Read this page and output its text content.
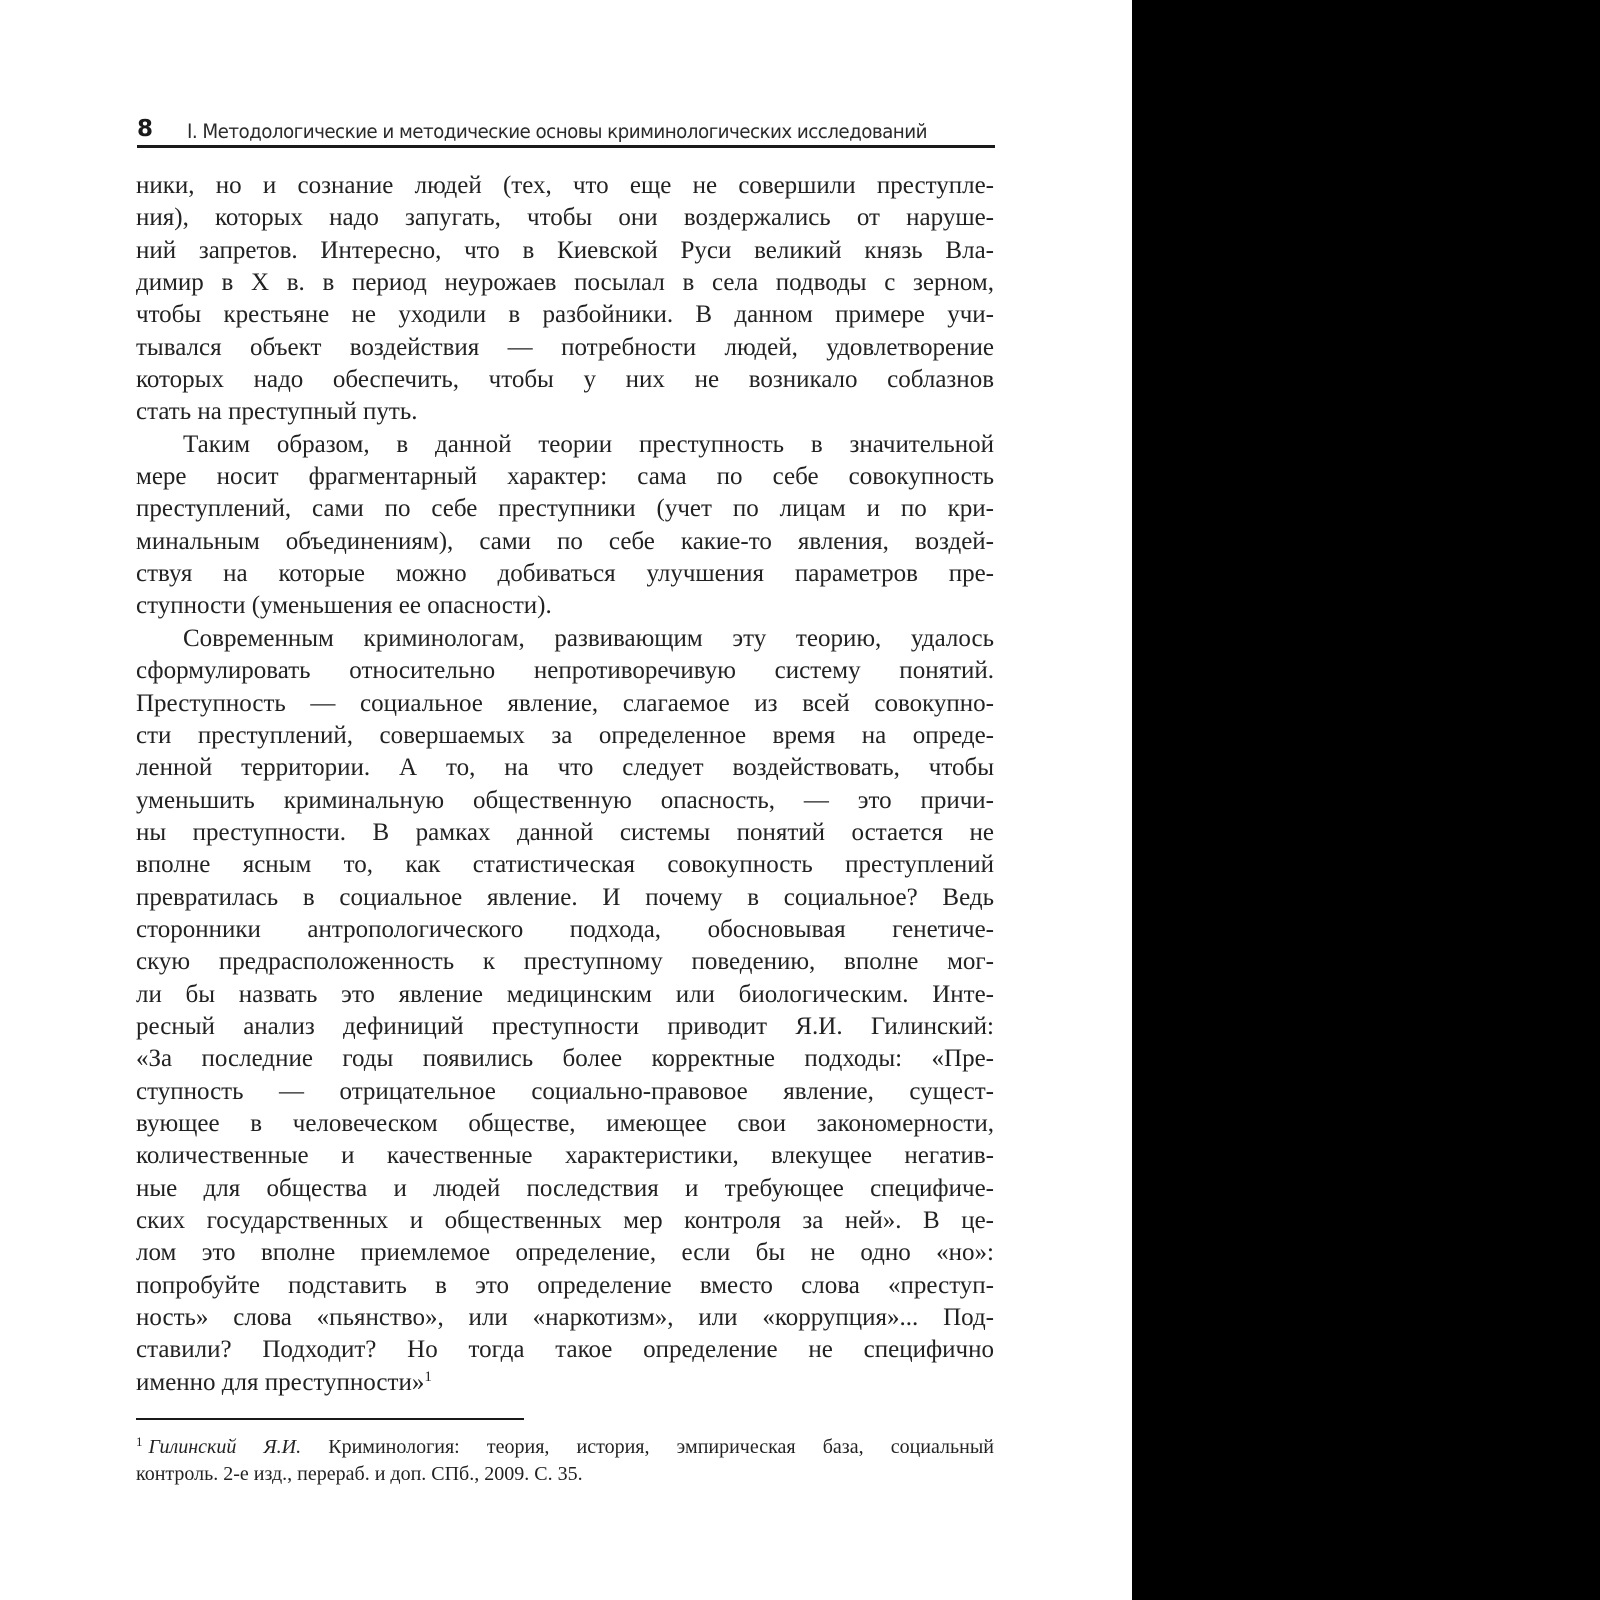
8	I. Методологические и методические основы криминологических исследований
ники, но и сознание людей (тех, что еще не совершили преступле-
ния), которых надо запугать, чтобы они воздержались от наруше-
ний запретов. Интересно, что в Киевской Руси великий князь Вла-
димир в X в. в период неурожаев посылал в села подводы с зерном,
чтобы крестьяне не уходили в разбойники. В данном примере учи-
тывался объект воздействия — потребности людей, удовлетворение
которых надо обеспечить, чтобы у них не возникало соблазнов
стать на преступный путь.
Таким образом, в данной теории преступность в значительной
мере носит фрагментарный характер: сама по себе совокупность
преступлений, сами по себе преступники (учет по лицам и по кри-
минальным объединениям), сами по себе какие-то явления, воздей-
ствуя на которые можно добиваться улучшения параметров пре-
ступности (уменьшения ее опасности).
Современным криминологам, развивающим эту теорию, удалось
сформулировать относительно непротиворечивую систему понятий.
Преступность — социальное явление, слагаемое из всей совокупно-
сти преступлений, совершаемых за определенное время на опреде-
ленной территории. А то, на что следует воздействовать, чтобы
уменьшить криминальную общественную опасность, — это причи-
ны преступности. В рамках данной системы понятий остается не
вполне ясным то, как статистическая совокупность преступлений
превратилась в социальное явление. И почему в социальное? Ведь
сторонники антропологического подхода, обосновывая генетиче-
скую предрасположенность к преступному поведению, вполне мог-
ли бы назвать это явление медицинским или биологическим. Инте-
ресный анализ дефиниций преступности приводит Я.И. Гилинский:
«За последние годы появились более корректные подходы: «Пре-
ступность — отрицательное социально-правовое явление, сущест-
вующее в человеческом обществе, имеющее свои закономерности,
количественные и качественные характеристики, влекущее негатив-
ные для общества и людей последствия и требующее специфиче-
ских государственных и общественных мер контроля за ней». В це-
лом это вполне приемлемое определение, если бы не одно «но»:
попробуйте подставить в это определение вместо слова «преступ-
ность» слова «пьянство», или «наркотизм», или «коррупция»... Под-
ставили? Подходит? Но тогда такое определение не специфично
именно для преступности»$^1$
$^1$ Гилинский Я.И. Криминология: теория, история, эмпирическая база, социальный
контроль. 2-е изд., перераб. и доп. СПб., 2009. С. 35.
